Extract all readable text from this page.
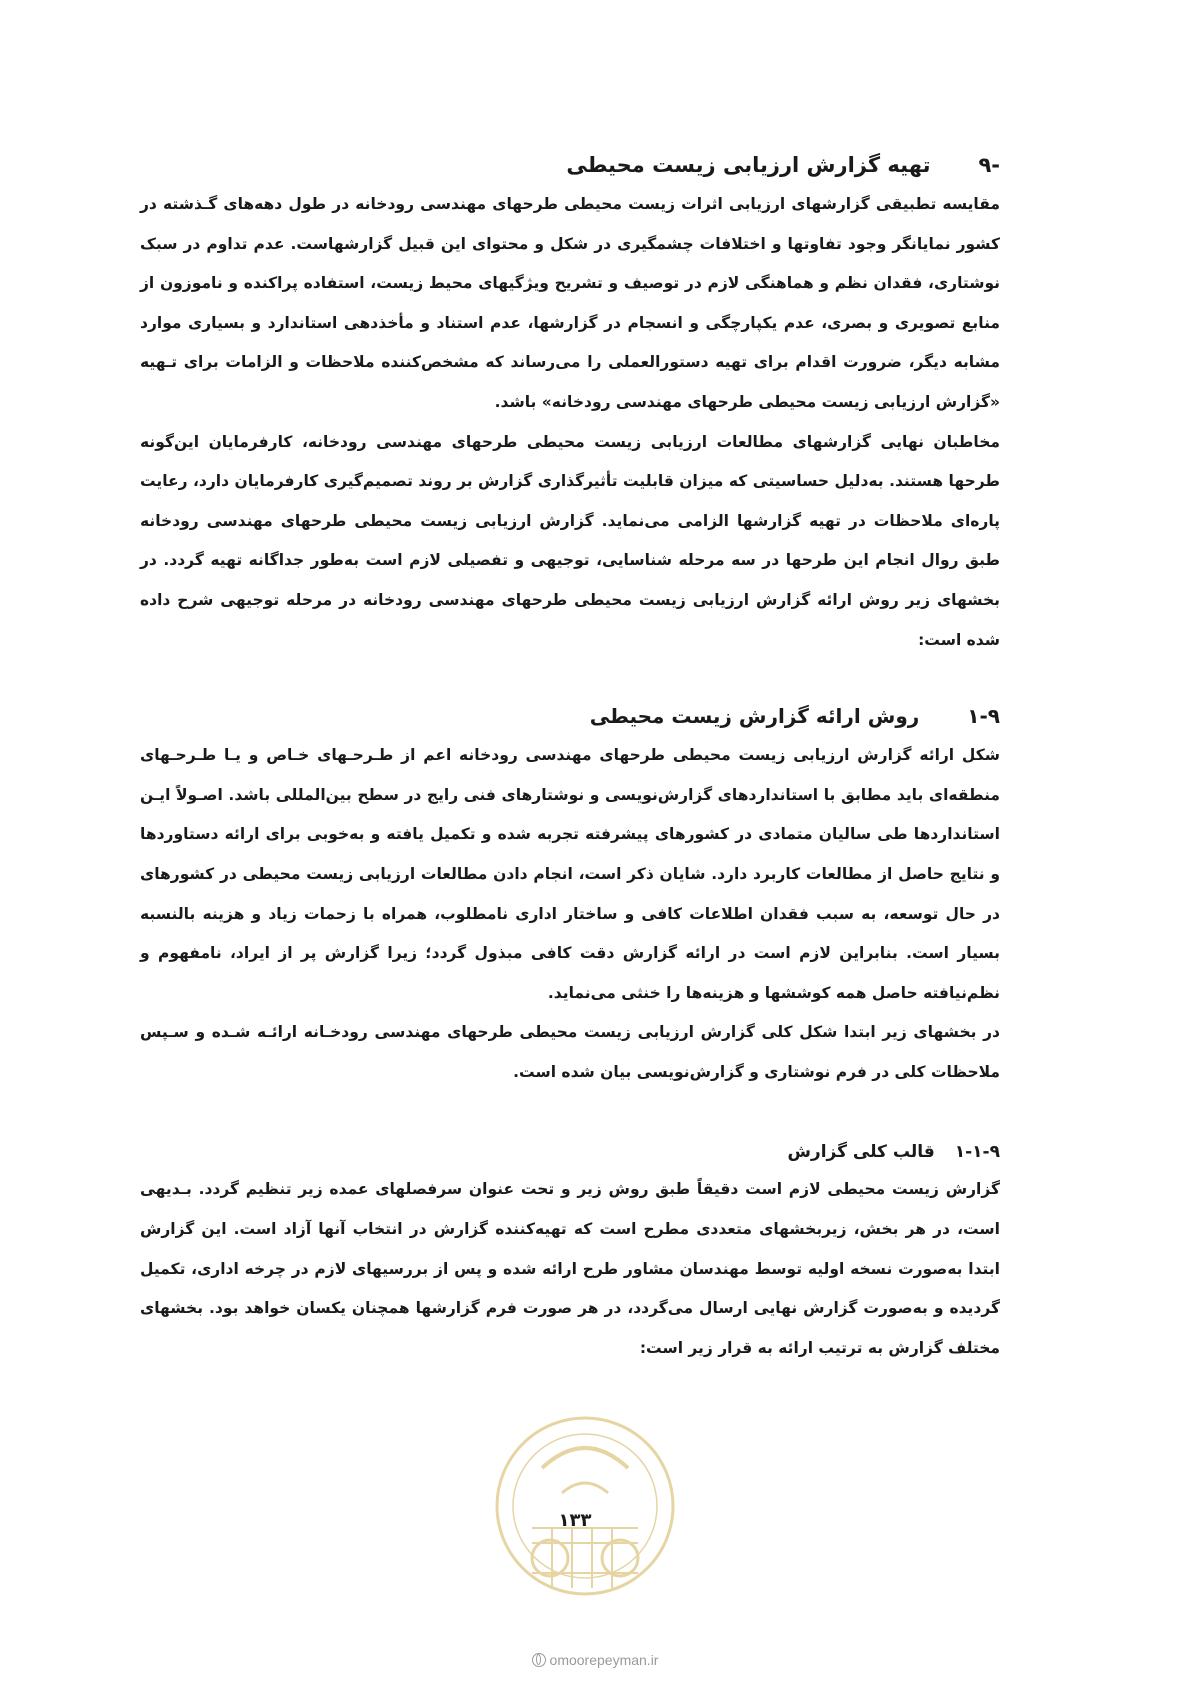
-۹تهیه گزارش ارزیابی زیست محیطی

مقایسه تطبیقی گزارشهای ارزیابی اثرات زیست محیطی طرحهای مهندسی رودخانه در طول دهه‌های گـذشته در کشور نمایانگر وجود تفاوتها و اختلافات چشمگیری در شکل و محتوای این قبیل گزارشهاست. عدم تداوم در سبک نوشتاری، فقدان نظم و هماهنگی لازم در توصیف و تشریح ویژگیهای محیط زیست، استفاده پراکنده و ناموزون از منابع تصویری و بصری، عدم یکپارچگی و انسجام در گزارشها، عدم استناد و مأخذدهی استاندارد و بسیاری موارد مشابه دیگر، ضرورت اقدام برای تهیه دستورالعملی را می‌رساند که مشخص‌کننده ملاحظات و الزامات برای تـهیه «گزارش ارزیابی زیست محیطی طرحهای مهندسی رودخانه» باشد.

مخاطبان نهایی گزارشهای مطالعات ارزیابی زیست محیطی طرحهای مهندسی رودخانه، کارفرمایان این‌گونه طرحها هستند. به‌دلیل حساسیتی که میزان قابلیت تأثیرگذاری گزارش بر روند تصمیم‌گیری کارفرمایان دارد، رعایت پاره‌ای ملاحظات در تهیه گزارشها الزامی می‌نماید. گزارش ارزیابی زیست محیطی طرحهای مهندسی رودخانه طبق روال انجام این طرحها در سه مرحله شناسایی، توجیهی و تفصیلی لازم است به‌طور جداگانه تهیه گردد. در بخشهای زیر روش ارائه گزارش ارزیابی زیست محیطی طرحهای مهندسی رودخانه در مرحله توجیهی شرح داده شده است:

۱-۹روش ارائه گزارش زیست محیطی

شکل ارائه گزارش ارزیابی زیست محیطی طرحهای مهندسی رودخانه اعم از طـرحـهای خـاص و یـا طـرحـهای منطقه‌ای باید مطابق با استانداردهای گزارش‌نویسی و نوشتارهای فنی رایج در سطح بین‌المللی باشد. اصـولاً ایـن استانداردها طی سالیان متمادی در کشورهای پیشرفته تجربه شده و تکمیل یافته و به‌خوبی برای ارائه دستاوردها و نتایج حاصل از مطالعات کاربرد دارد. شایان ذکر است، انجام دادن مطالعات ارزیابی زیست محیطی در کشورهای در حال توسعه، به سبب فقدان اطلاعات کافی و ساختار اداری نامطلوب، همراه با زحمات زیاد و هزینه بالنسبه بسیار است. بنابراین لازم است در ارائه گزارش دقت کافی مبذول گردد؛ زیرا گزارش پر از ایراد، نامفهوم و نظم‌نیافته حاصل همه کوششها و هزینه‌ها را خنثی می‌نماید.

در بخشهای زیر ابتدا شکل کلی گزارش ارزیابی زیست محیطی طرحهای مهندسی رودخـانه ارائـه شـده و سـپس ملاحظات کلی در فرم نوشتاری و گزارش‌نویسی بیان شده است.

۱-۱-۹قالب کلی گزارش

گزارش زیست محیطی لازم است دقیقاً طبق روش زیر و تحت عنوان سرفصلهای عمده زیر تنظیم گردد. بـدیهی است، در هر بخش، زیربخشهای متعددی مطرح است که تهیه‌کننده گزارش در انتخاب آنها آزاد است. این گزارش ابتدا به‌صورت نسخه اولیه توسط مهندسان مشاور طرح ارائه شده و پس از بررسیهای لازم در چرخه اداری، تکمیل گردیده و به‌صورت گزارش نهایی ارسال می‌گردد، در هر صورت فرم گزارشها همچنان یکسان خواهد بود. بخشهای مختلف گزارش به ترتیب ارائه به قرار زیر است:

۱۳۳
omoorepeyman.ir
